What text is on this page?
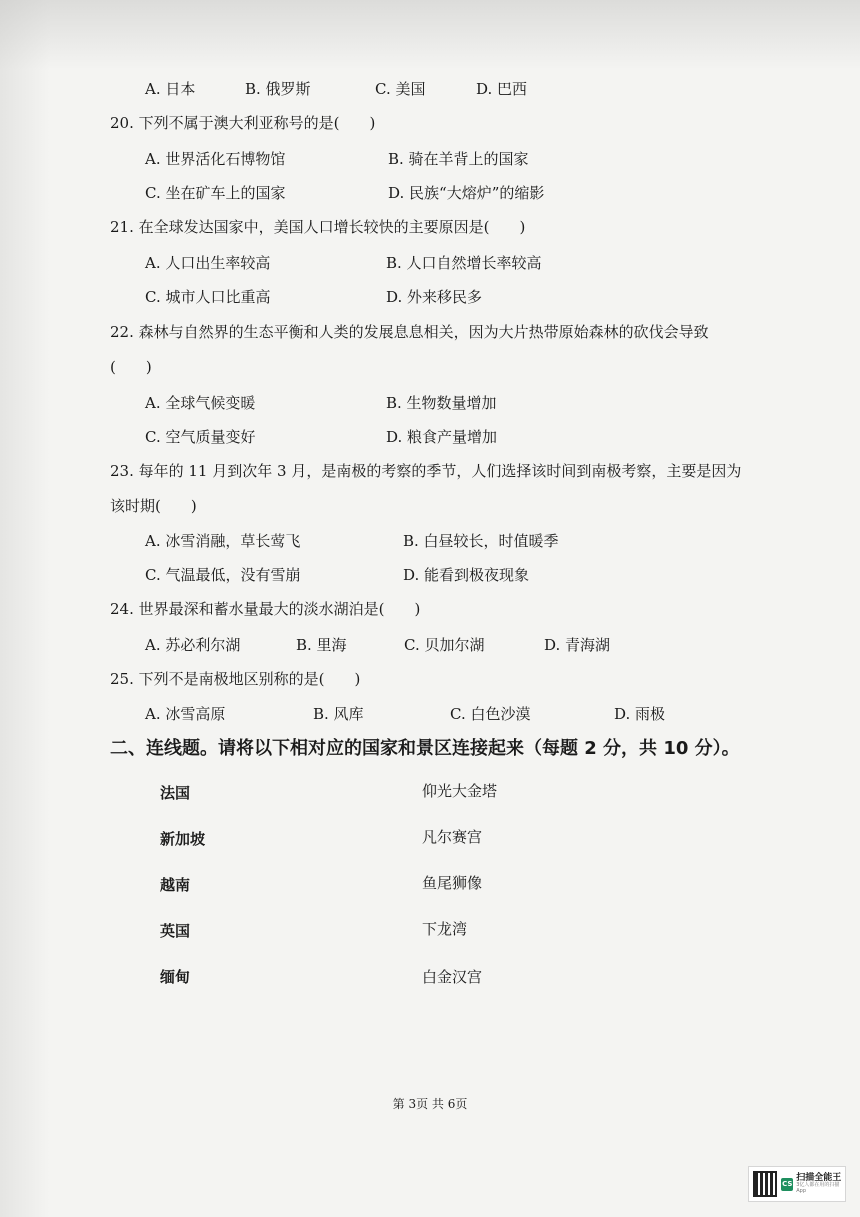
A. 日本	B. 俄罗斯	C. 美国	D. 巴西
20. 下列不属于澳大利亚称号的是(　　)
A. 世界活化石博物馆	B. 骑在羊背上的国家
C. 坐在矿车上的国家	D. 民族“大熔炉”的缩影
21. 在全球发达国家中，美国人口增长较快的主要原因是(　　)
A. 人口出生率较高	B. 人口自然增长率较高
C. 城市人口比重高	D. 外来移民多
22. 森林与自然界的生态平衡和人类的发展息息相关，因为大片热带原始森林的砍伐会导致
(　　)
A. 全球气候变暖	B. 生物数量增加
C. 空气质量变好	D. 粮食产量增加
23. 每年的 11 月到次年 3 月，是南极的考察的季节，人们选择该时间到南极考察，主要是因为
该时期(　　)
A. 冰雪消融，草长莺飞	B. 白昼较长，时值暖季
C. 气温最低，没有雪崩	D. 能看到极夜现象
24. 世界最深和蓄水量最大的淡水湖泊是(　　)
A. 苏必利尔湖	B. 里海	C. 贝加尔湖	D. 青海湖
25. 下列不是南极地区别称的是(　　)
A. 冰雪高原	B. 风库	C. 白色沙漠	D. 雨极
二、连线题。请将以下相对应的国家和景区连接起来（每题 2 分，共 10 分）。
法国
新加坡
越南
英国
缅甸
仰光大金塔
凡尔赛宫
鱼尾狮像
下龙湾
白金汉宫
第 3页 共 6页
CS
扫描全能王
3亿人都在用的扫描App
